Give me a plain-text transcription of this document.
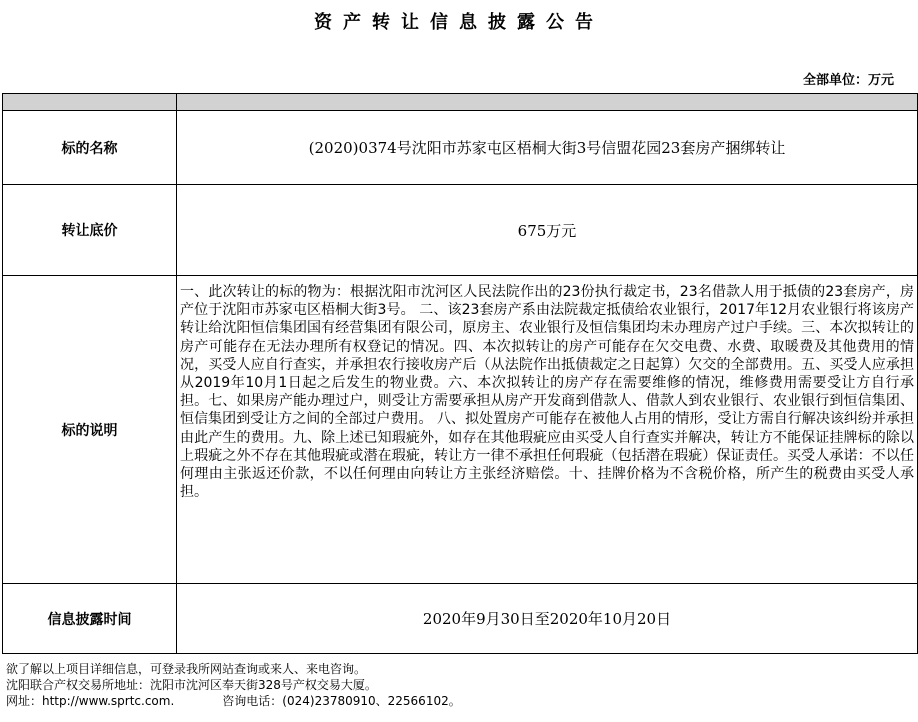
资产转让信息披露公告
全部单位：万元

标的名称	(2020)0374号沈阳市苏家屯区梧桐大街3号信盟花园23套房产捆绑转让
转让底价	675万元
标的说明	一、此次转让的标的物为：根据沈阳市沈河区人民法院作出的23份执行裁定书，23名借款人用于抵债的23套房产，房产位于沈阳市苏家屯区梧桐大街3号。 二、该23套房产系由法院裁定抵债给农业银行，2017年12月农业银行将该房产转让给沈阳恒信集团国有经营集团有限公司，原房主、农业银行及恒信集团均未办理房产过户手续。三、本次拟转让的房产可能存在无法办理所有权登记的情况。四、本次拟转让的房产可能存在欠交电费、水费、取暖费及其他费用的情况，买受人应自行查实，并承担农行接收房产后（从法院作出抵债裁定之日起算）欠交的全部费用。五、买受人应承担从2019年10月1日起之后发生的物业费。六、本次拟转让的房产存在需要维修的情况，维修费用需要受让方自行承担。七、如果房产能办理过户，则受让方需要承担从房产开发商到借款人、借款人到农业银行、农业银行到恒信集团、恒信集团到受让方之间的全部过户费用。 八、拟处置房产可能存在被他人占用的情形，受让方需自行解决该纠纷并承担由此产生的费用。九、除上述已知瑕疵外，如存在其他瑕疵应由买受人自行查实并解决，转让方不能保证挂牌标的除以上瑕疵之外不存在其他瑕疵或潜在瑕疵，转让方一律不承担任何瑕疵（包括潜在瑕疵）保证责任。买受人承诺：不以任何理由主张返还价款，不以任何理由向转让方主张经济赔偿。十、挂牌价格为不含税价格，所产生的税费由买受人承担。
信息披露时间	2020年9月30日至2020年10月20日
欲了解以上项目详细信息，可登录我所网站查询或来人、来电咨询。
沈阳联合产权交易所地址：沈阳市沈河区奉天街328号产权交易大厦。
网址：http://www.sprtc.com.	咨询电话：(024)23780910、22566102。
